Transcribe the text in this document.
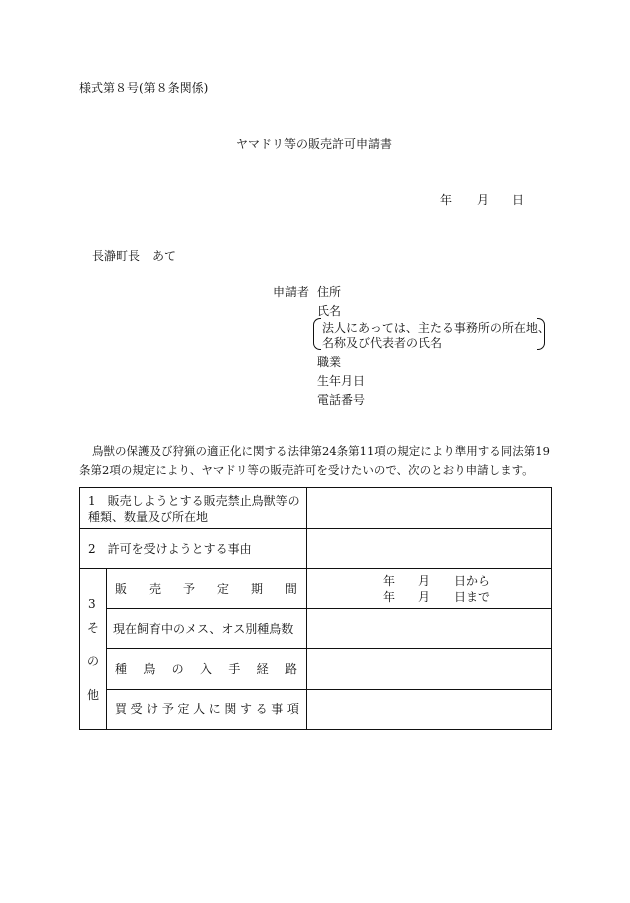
様式第８号(第８条関係)
ヤマドリ等の販売許可申請書
年 月 日
長瀞町長　あて
申請者 住所
氏名
法人にあっては、主たる事務所の所在地、
名称及び代表者の氏名
職業
生年月日
電話番号
鳥獣の保護及び狩猟の適正化に関する法律第24条第11項の規定により準用する同法第19
条第2項の規定により、ヤマドリ等の販売許可を受けたいので、次のとおり申請します。
1　販売しようとする販売禁止鳥獣等の
種類、数量及び所在地
2　許可を受けようとする事由
3
そ
の
他
販 売 予 定 期 間
年 月 日から
年 月 日まで
現在飼育中のメス、オス別種鳥数
種 鳥 の 入 手 経 路
買 受 け 予 定 人 に 関 す る 事 項
